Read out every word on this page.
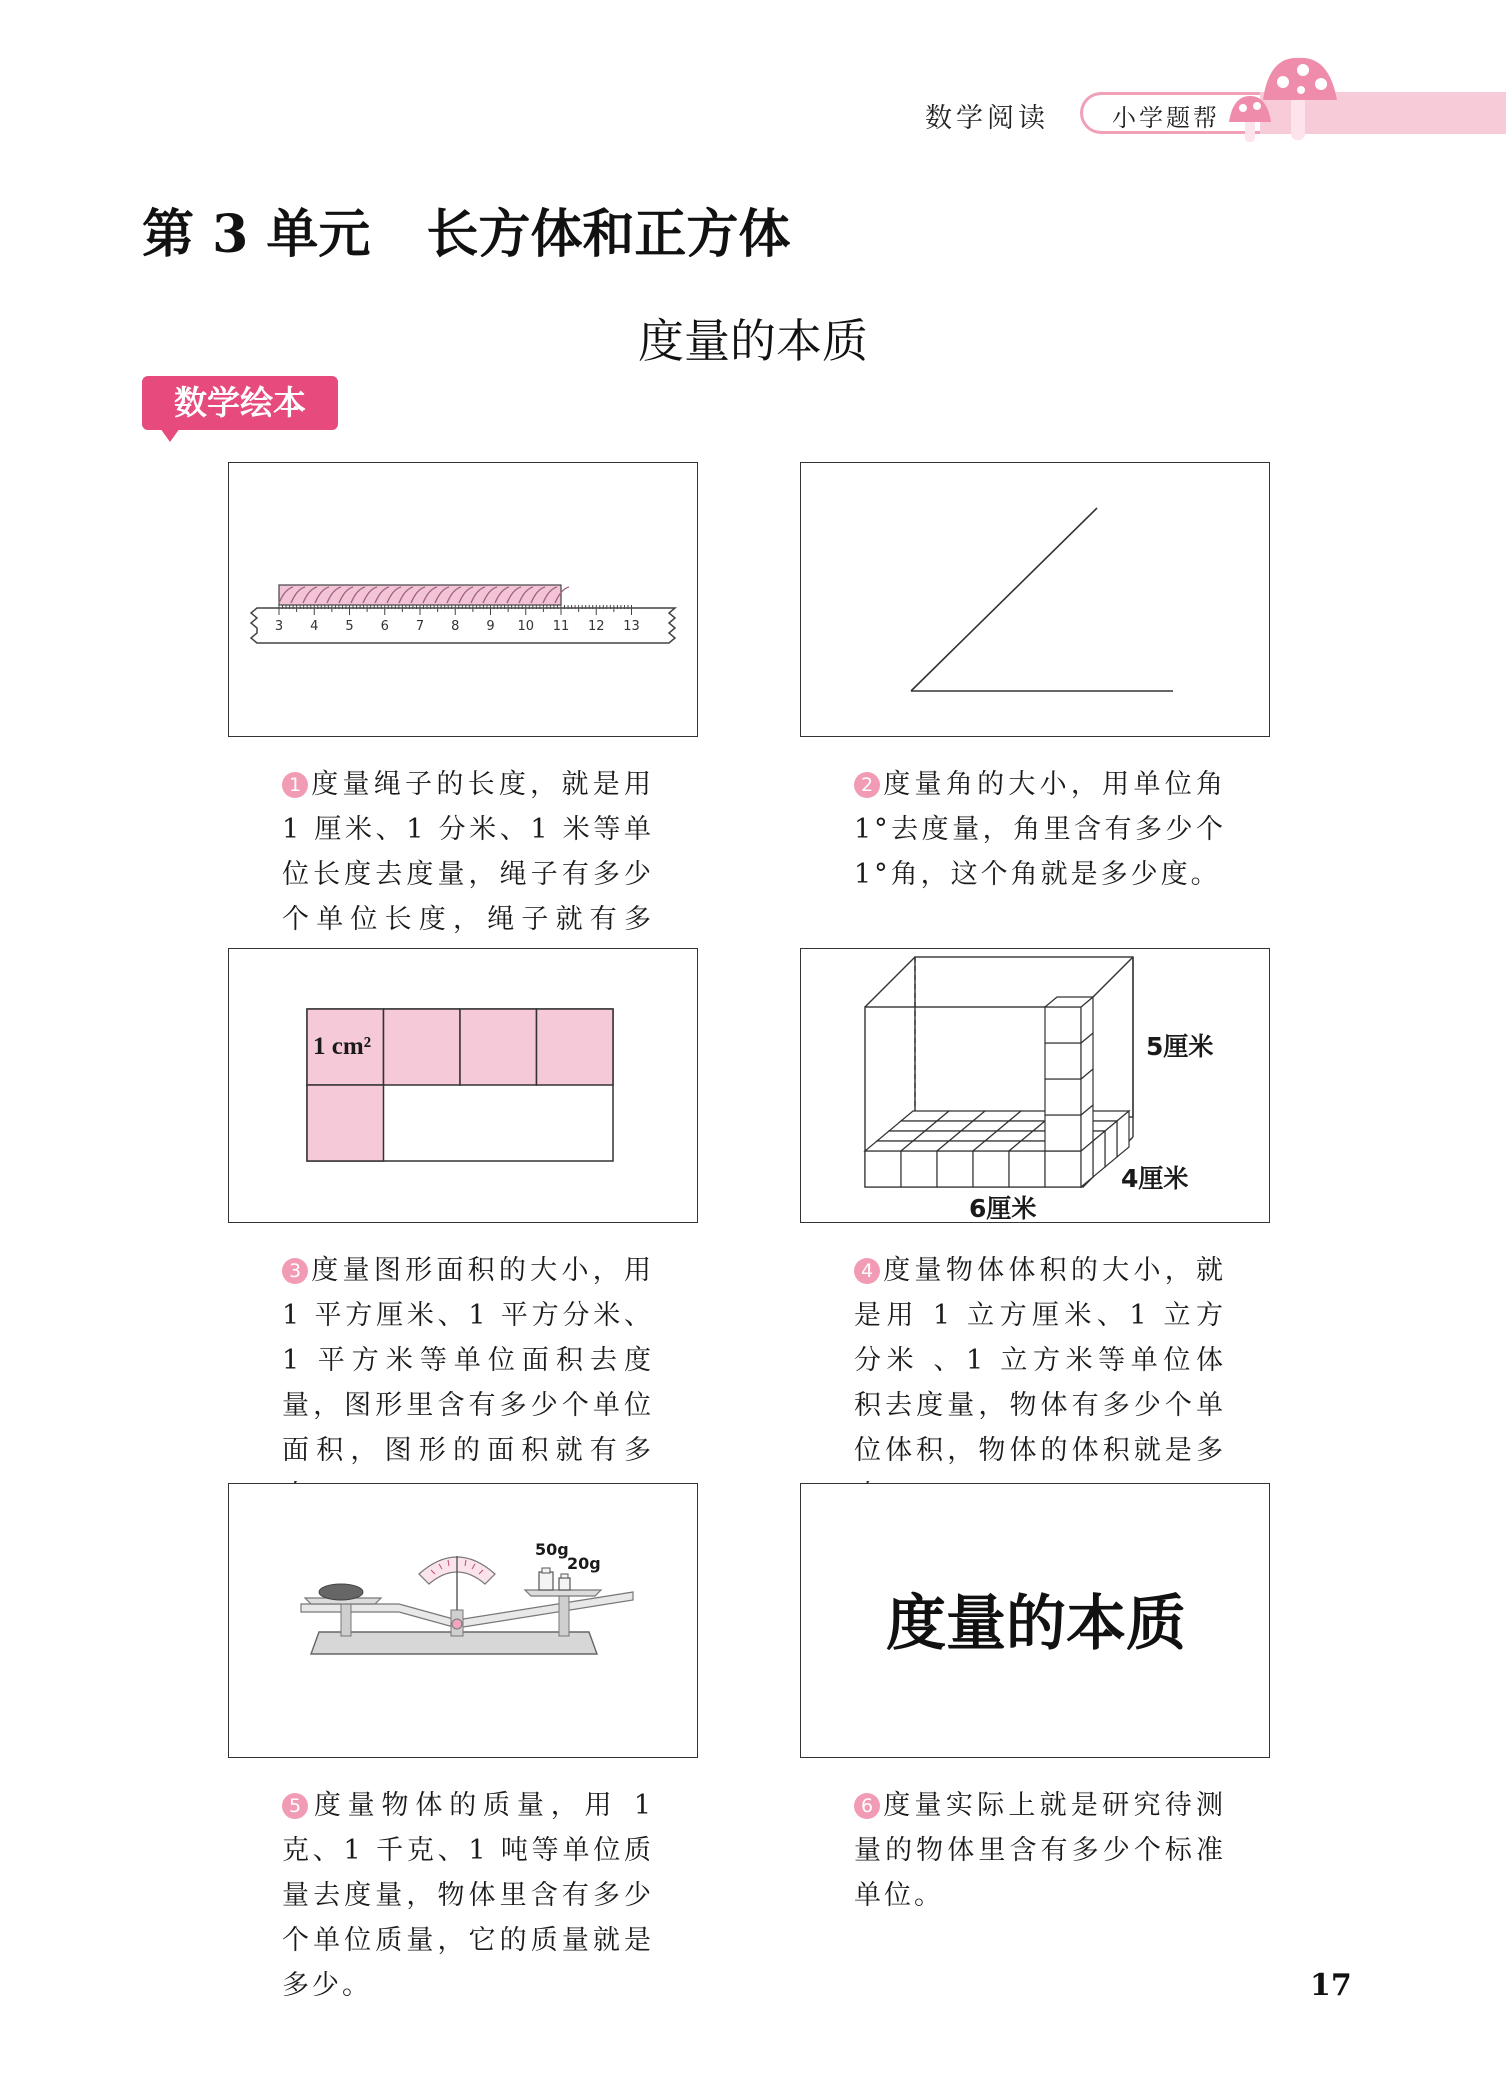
数学阅读	小学题帮
第 3 单元 长方体和正方体
度量的本质
数学绘本
3 4 5 6 7 8 9 10 11 12 13
1 度量绳子的长度，就是用 1 厘米、1 分米、1 米等单位长度去度量，绳子有多少个单位长度，绳子就有多
2 度量角的大小，用单位角 1°去度量，角里含有多少个 1°角，这个角就是多少度。
1 cm²
3 度量图形面积的大小，用 1 平方厘米、1 平方分米、1 平方米等单位面积去度量，图形里含有多少个单位面积，图形的面积就有多
5厘米
4厘米
6厘米
4 度量物体体积的大小，就是用 1 立方厘米、1 立方分米 、1 立方米等单位体积去度量，物体有多少个单位体积，物体的体积就是多
50g
20g
5 度量物体的质量，用 1 克、1 千克、1 吨等单位质量去度量，物体里含有多少个单位质量，它的质量就是多少。
度量的本质
6 度量实际上就是研究待测量的物体里含有多少个标准单位。
17
